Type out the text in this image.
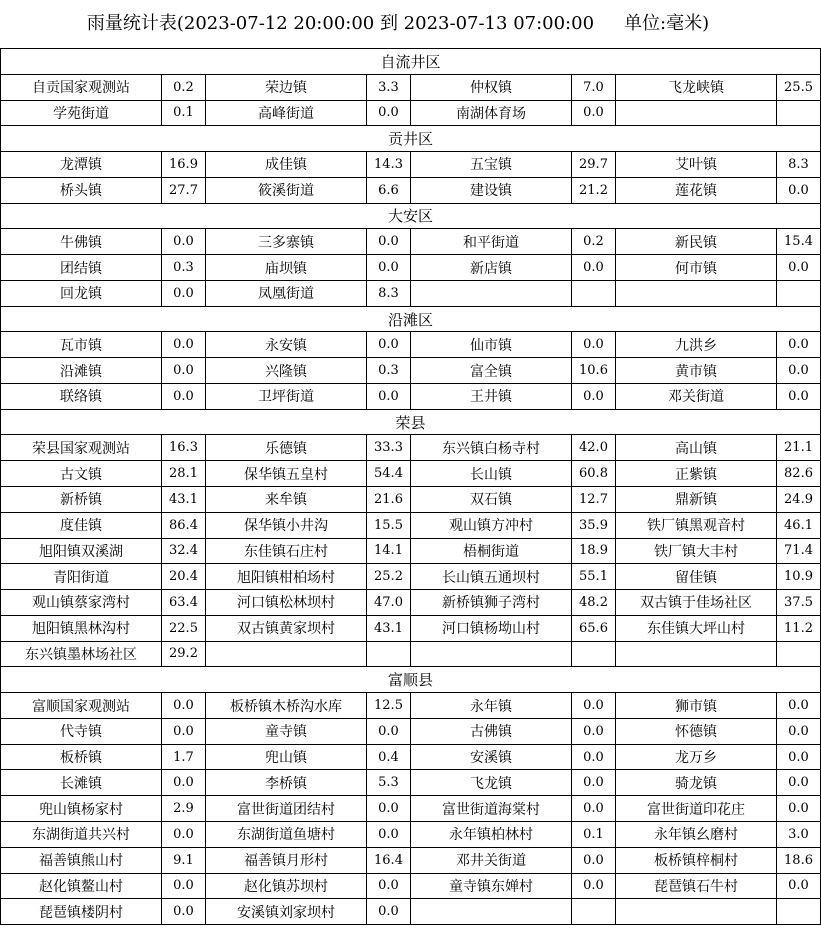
雨量统计表(2023-07-12 20:00:00 到 2023-07-13 07:00:00 单位:毫米)
自流井区							
自贡国家观测站	0.2	荣边镇	3.3	仲权镇	7.0	飞龙峡镇	25.5
学苑街道	0.1	高峰街道	0.0	南湖体育场	0.0		
贡井区							
龙潭镇	16.9	成佳镇	14.3	五宝镇	29.7	艾叶镇	8.3
桥头镇	27.7	筱溪街道	6.6	建设镇	21.2	莲花镇	0.0
大安区							
牛佛镇	0.0	三多寨镇	0.0	和平街道	0.2	新民镇	15.4
团结镇	0.3	庙坝镇	0.0	新店镇	0.0	何市镇	0.0
回龙镇	0.0	凤凰街道	8.3				
沿滩区							
瓦市镇	0.0	永安镇	0.0	仙市镇	0.0	九洪乡	0.0
沿滩镇	0.0	兴隆镇	0.3	富全镇	10.6	黄市镇	0.0
联络镇	0.0	卫坪街道	0.0	王井镇	0.0	邓关街道	0.0
荣县							
荣县国家观测站	16.3	乐德镇	33.3	东兴镇白杨寺村	42.0	高山镇	21.1
古文镇	28.1	保华镇五皇村	54.4	长山镇	60.8	正紫镇	82.6
新桥镇	43.1	来牟镇	21.6	双石镇	12.7	鼎新镇	24.9
度佳镇	86.4	保华镇小井沟	15.5	观山镇方冲村	35.9	铁厂镇黑观音村	46.1
旭阳镇双溪湖	32.4	东佳镇石庄村	14.1	梧桐街道	18.9	铁厂镇大丰村	71.4
青阳街道	20.4	旭阳镇柑柏场村	25.2	长山镇五通坝村	55.1	留佳镇	10.9
观山镇蔡家湾村	63.4	河口镇松林坝村	47.0	新桥镇狮子湾村	48.2	双古镇于佳场社区	37.5
旭阳镇黑林沟村	22.5	双古镇黄家坝村	43.1	河口镇杨坳山村	65.6	东佳镇大坪山村	11.2
东兴镇墨林场社区	29.2						
富顺县							
富顺国家观测站	0.0	板桥镇木桥沟水库	12.5	永年镇	0.0	狮市镇	0.0
代寺镇	0.0	童寺镇	0.0	古佛镇	0.0	怀德镇	0.0
板桥镇	1.7	兜山镇	0.4	安溪镇	0.0	龙万乡	0.0
长滩镇	0.0	李桥镇	5.3	飞龙镇	0.0	骑龙镇	0.0
兜山镇杨家村	2.9	富世街道团结村	0.0	富世街道海棠村	0.0	富世街道印花庄	0.0
东湖街道共兴村	0.0	东湖街道鱼塘村	0.0	永年镇柏林村	0.1	永年镇幺磨村	3.0
福善镇熊山村	9.1	福善镇月形村	16.4	邓井关街道	0.0	板桥镇梓桐村	18.6
赵化镇鳌山村	0.0	赵化镇苏坝村	0.0	童寺镇东婵村	0.0	琵琶镇石牛村	0.0
琵琶镇楼阴村	0.0	安溪镇刘家坝村	0.0				
